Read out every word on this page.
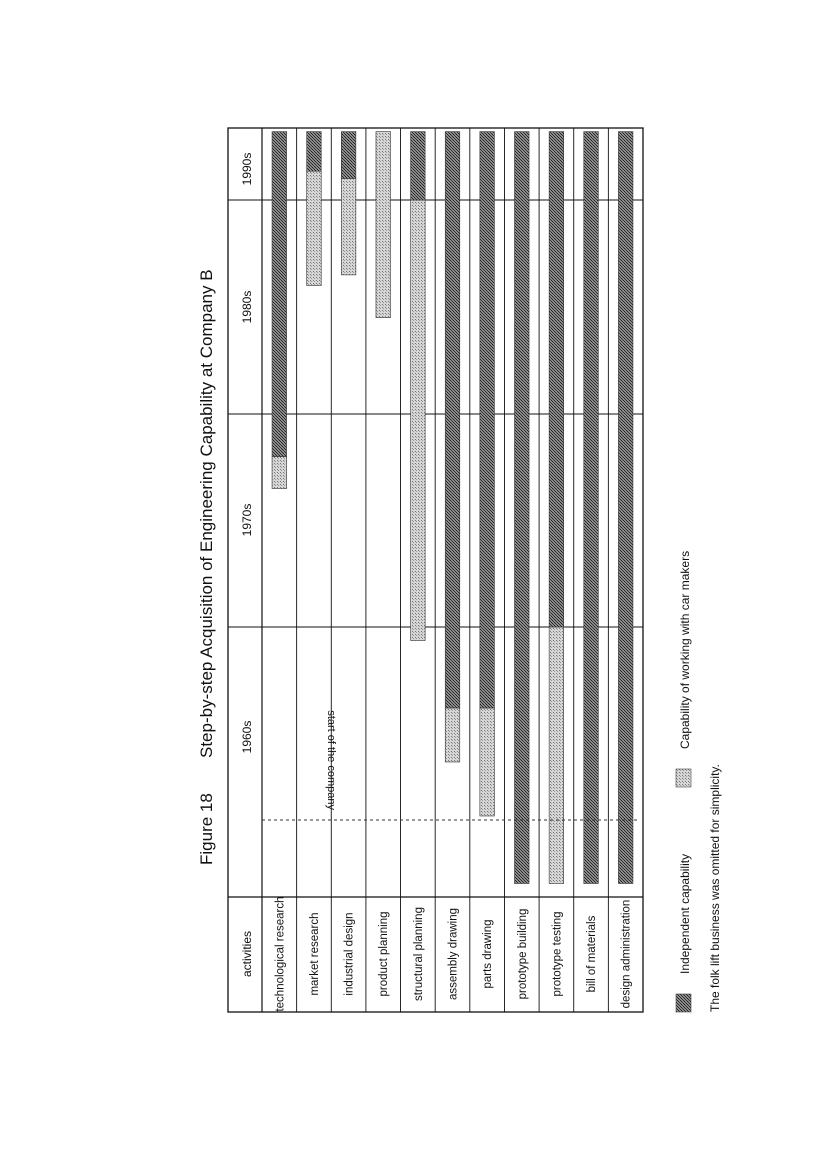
Figure 18
Step-by-step Acquisition of Engineering Capability at Company B
technological research market research industrial design product planning structural planning assembly drawing parts drawing prototype building prototype testing bill of materials design administration
activities
1960s
1970s
1980s
1990s
start of the company
Independent capability
Capability of working with car makers
The folk lift business was omitted for simplicity.
